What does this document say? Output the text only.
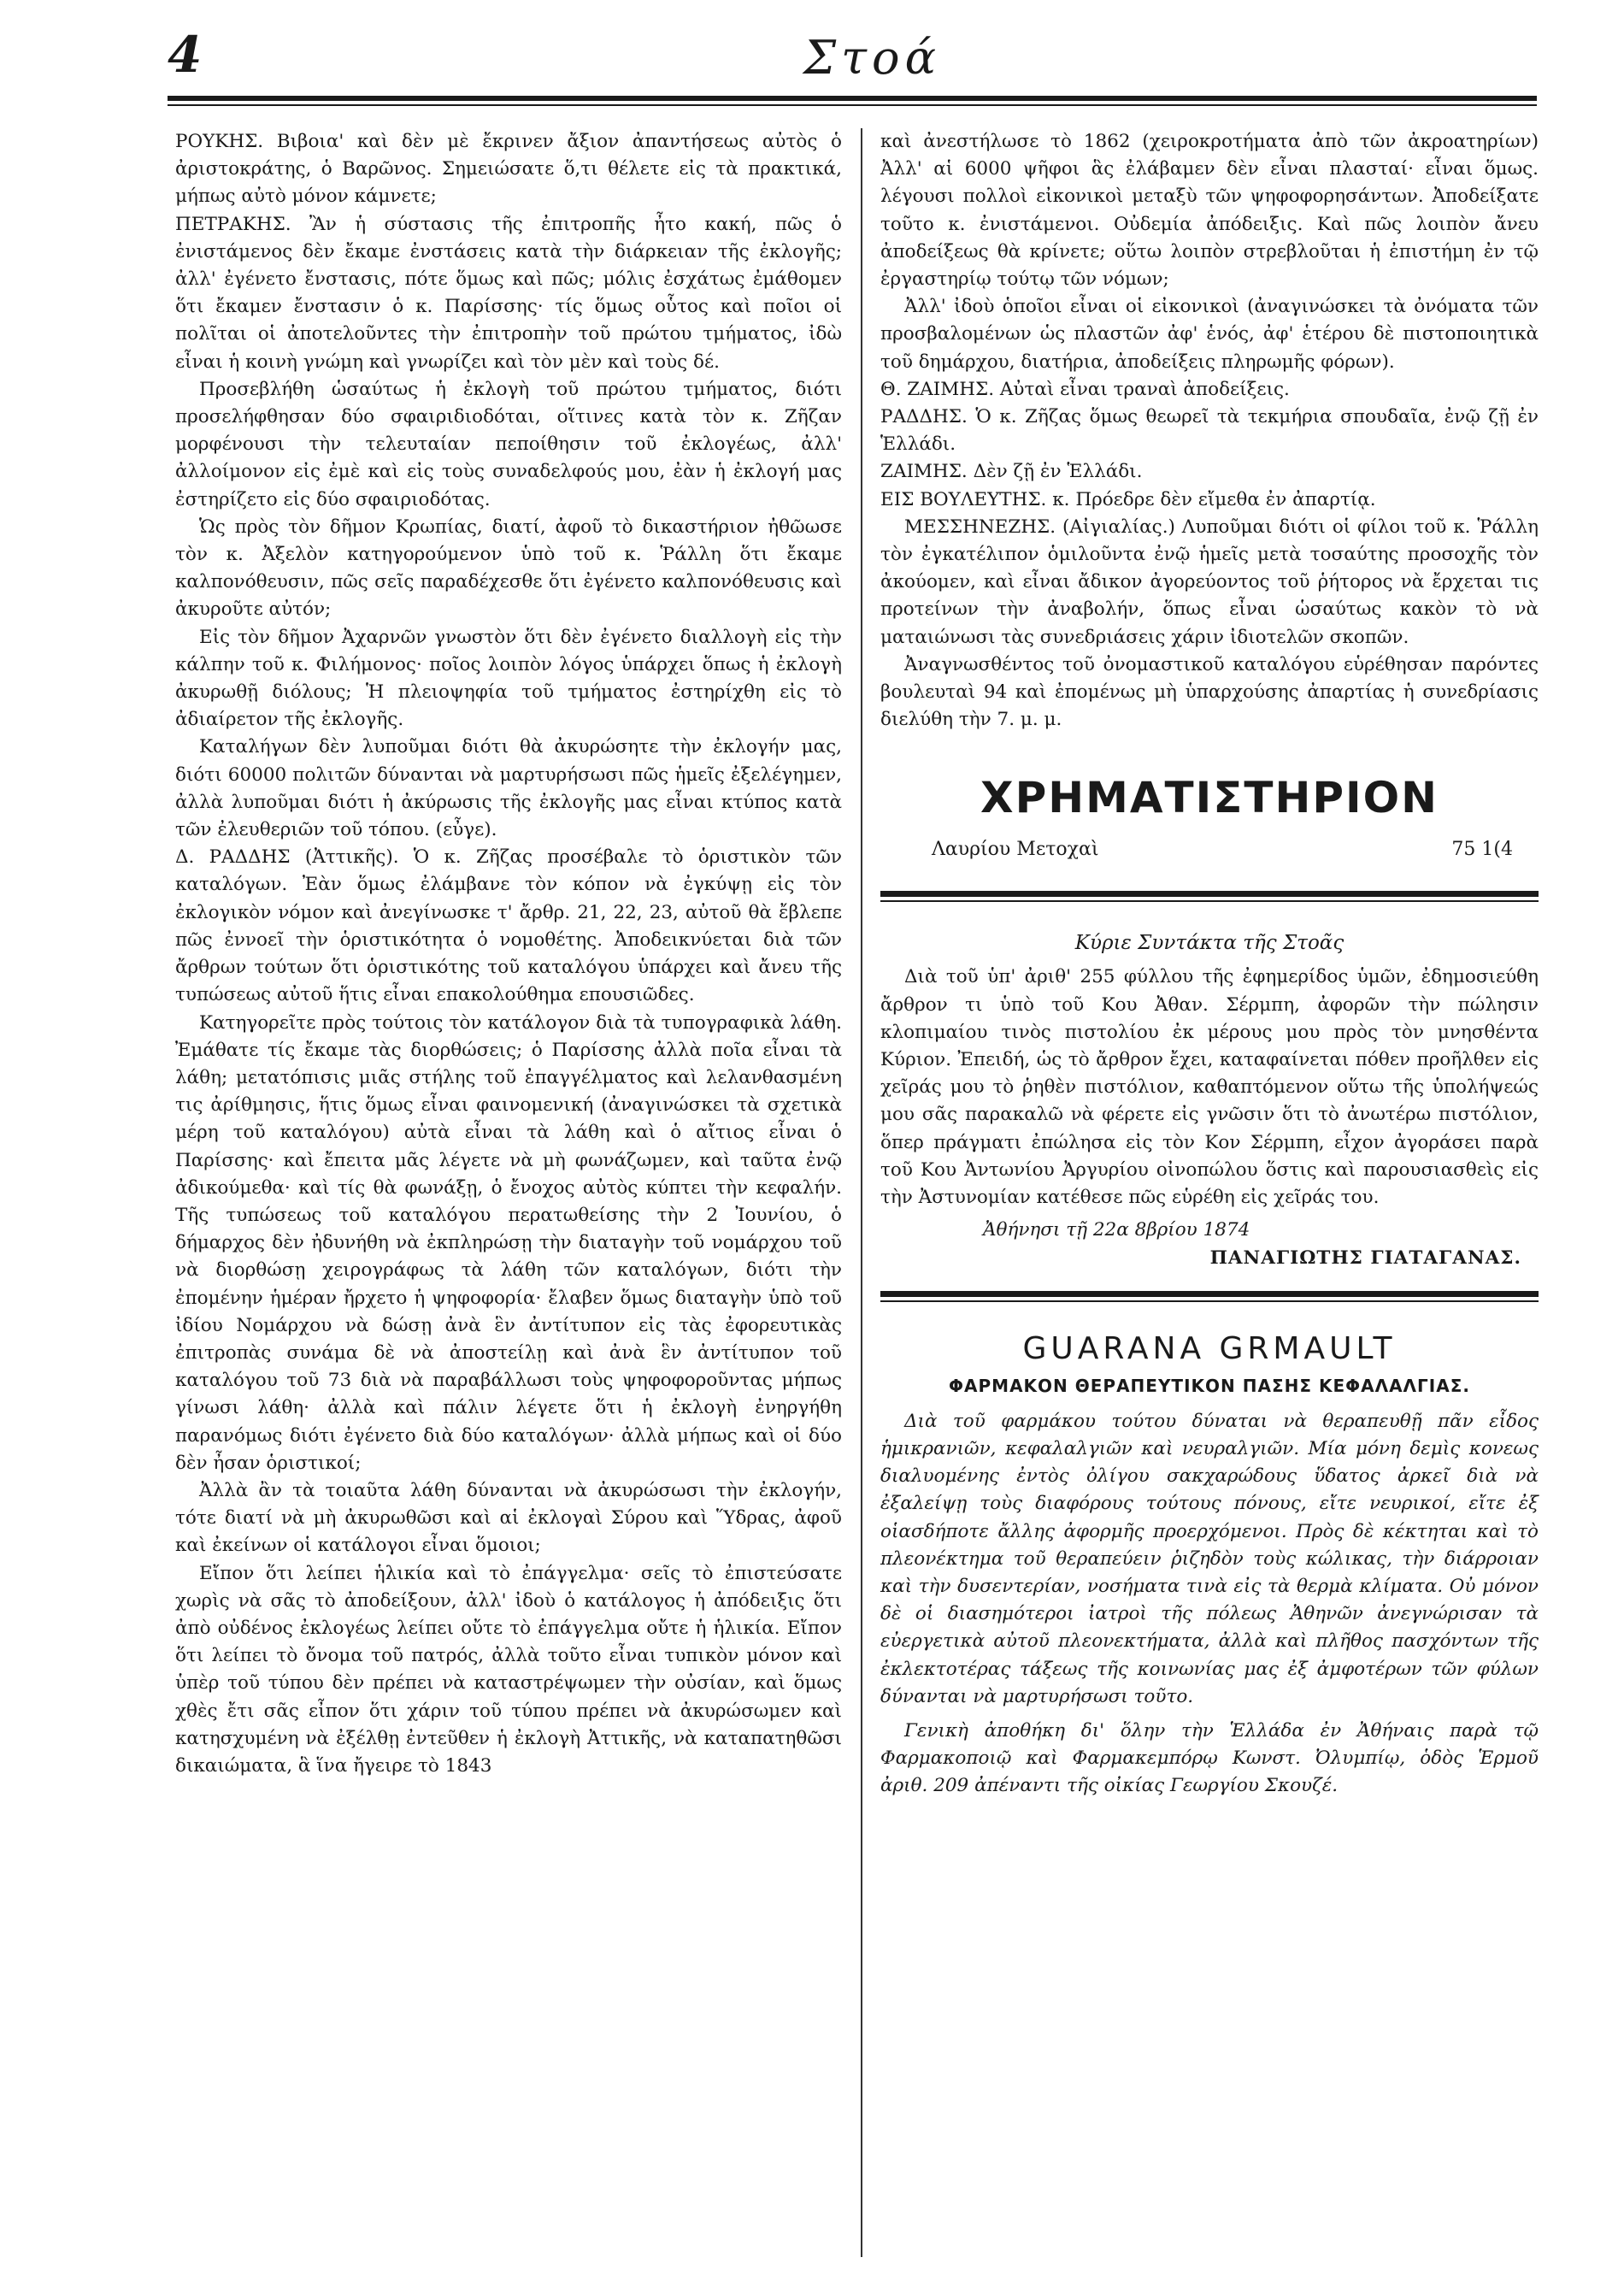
4	Στοά

ΡΟΥΚΗΣ. Βιβοια' καὶ δὲν μὲ ἔκρινεν ἄξιον ἀπαντήσεως αὐτὸς ὁ ἀριστοκράτης, ὁ Βαρῶνος. Σημειώσατε ὅ,τι θέλετε εἰς τὰ πρακτικά, μήπως αὐτὸ μόνον κάμνετε;

ΠΕΤΡΑΚΗΣ. Ἂν ἡ σύστασις τῆς ἐπιτροπῆς ἦτο κακή, πῶς ὁ ἐνιστάμενος δὲν ἔκαμε ἐνστάσεις κατὰ τὴν διάρκειαν τῆς ἐκλογῆς; ἀλλ' ἐγένετο ἔνστασις, πότε ὅμως καὶ πῶς; μόλις ἐσχάτως ἐμάθομεν ὅτι ἔκαμεν ἔνστασιν ὁ κ. Παρίσσης· τίς ὅμως οὗτος καὶ ποῖοι οἱ πολῖται οἱ ἀποτελοῦντες τὴν ἐπιτροπὴν τοῦ πρώτου τμήματος, ἰδὼ εἶναι ἡ κοινὴ γνώμη καὶ γνωρίζει καὶ τὸν μὲν καὶ τοὺς δέ.

Προσεβλήθη ὡσαύτως ἡ ἐκλογὴ τοῦ πρώτου τμήματος, διότι προσελήφθησαν δύο σφαιριδιοδόται, οἵτινες κατὰ τὸν κ. Ζῆζαν μορφένουσι τὴν τελευταίαν πεποίθησιν τοῦ ἐκλογέως, ἀλλ' ἀλλοίμονον εἰς ἐμὲ καὶ εἰς τοὺς συναδελφούς μου, ἐὰν ἡ ἐκλογή μας ἐστηρίζετο εἰς δύο σφαιριοδότας.

Ὡς πρὸς τὸν δῆμον Κρωπίας, διατί, ἀφοῦ τὸ δικαστήριον ἠθῶωσε τὸν κ. Ἀξελὸν κατηγορούμενον ὑπὸ τοῦ κ. Ῥάλλη ὅτι ἔκαμε καλπονόθευσιν, πῶς σεῖς παραδέχεσθε ὅτι ἐγένετο καλπονόθευσις καὶ ἀκυροῦτε αὐτόν;

Εἰς τὸν δῆμον Ἀχαρνῶν γνωστὸν ὅτι δὲν ἐγένετο διαλλογὴ εἰς τὴν κάλπην τοῦ κ. Φιλήμονος· ποῖος λοιπὸν λόγος ὑπάρχει ὅπως ἡ ἐκλογὴ ἀκυρωθῇ διόλους; Ἡ πλειοψηφία τοῦ τμήματος ἐστηρίχθη εἰς τὸ ἀδιαίρετον τῆς ἐκλογῆς.

Καταλήγων δὲν λυποῦμαι διότι θὰ ἀκυρώσητε τὴν ἐκλογήν μας, διότι 60000 πολιτῶν δύνανται νὰ μαρτυρήσωσι πῶς ἡμεῖς ἐξελέγημεν, ἀλλὰ λυποῦμαι διότι ἡ ἀκύρωσις τῆς ἐκλογῆς μας εἶναι κτύπος κατὰ τῶν ἐλευθεριῶν τοῦ τόπου. (εὖγε).

Δ. ΡΑΔΔΗΣ (Ἀττικῆς). Ὁ κ. Ζῆζας προσέβαλε τὸ ὁριστικὸν τῶν καταλόγων. Ἐὰν ὅμως ἐλάμβανε τὸν κόπον νὰ ἐγκύψῃ εἰς τὸν ἐκλογικὸν νόμον καὶ ἀνεγίνωσκε τ' ἄρθρ. 21, 22, 23, αὐτοῦ θὰ ἔβλεπε πῶς ἐννοεῖ τὴν ὁριστικότητα ὁ νομοθέτης. Ἀποδεικνύεται διὰ τῶν ἄρθρων τούτων ὅτι ὁριστικότης τοῦ καταλόγου ὑπάρχει καὶ ἄνευ τῆς τυπώσεως αὐτοῦ ἥτις εἶναι επακολούθημα επουσιῶδες.

Κατηγορεῖτε πρὸς τούτοις τὸν κατάλογον διὰ τὰ τυπογραφικὰ λάθη. Ἐμάθατε τίς ἔκαμε τὰς διορθώσεις; ὁ Παρίσσης ἀλλὰ ποῖα εἶναι τὰ λάθη; μετατόπισις μιᾶς στήλης τοῦ ἐπαγγέλματος καὶ λελανθασμένη τις ἀρίθμησις, ἥτις ὅμως εἶναι φαινομενική (ἀναγινώσκει τὰ σχετικὰ μέρη τοῦ καταλόγου) αὐτὰ εἶναι τὰ λάθη καὶ ὁ αἴτιος εἶναι ὁ Παρίσσης· καὶ ἔπειτα μᾶς λέγετε νὰ μὴ φωνάζωμεν, καὶ ταῦτα ἐνῷ ἀδικούμεθα· καὶ τίς θὰ φωνάξῃ, ὁ ἔνοχος αὐτὸς κύπτει τὴν κεφαλήν. Τῆς τυπώσεως τοῦ καταλόγου περατωθείσης τὴν 2 Ἰουνίου, ὁ δήμαρχος δὲν ἠδυνήθη νὰ ἐκπληρώσῃ τὴν διαταγὴν τοῦ νομάρχου τοῦ νὰ διορθώσῃ χειρογράφως τὰ λάθη τῶν καταλόγων, διότι τὴν ἐπομένην ἡμέραν ἤρχετο ἡ ψηφοφορία· ἔλαβεν ὅμως διαταγὴν ὑπὸ τοῦ ἰδίου Νομάρχου νὰ δώσῃ ἀνὰ ἓν ἀντίτυπον εἰς τὰς ἐφορευτικὰς ἐπιτροπὰς συνάμα δὲ νὰ ἀποστείλῃ καὶ ἀνὰ ἓν ἀντίτυπον τοῦ καταλόγου τοῦ 73 διὰ νὰ παραβάλλωσι τοὺς ψηφοφοροῦντας μήπως γίνωσι λάθη· ἀλλὰ καὶ πάλιν λέγετε ὅτι ἡ ἐκλογὴ ἐνηργήθη παρανόμως διότι ἐγένετο διὰ δύο καταλόγων· ἀλλὰ μήπως καὶ οἱ δύο δὲν ἦσαν ὁριστικοί;

Ἀλλὰ ἂν τὰ τοιαῦτα λάθη δύνανται νὰ ἀκυρώσωσι τὴν ἐκλογήν, τότε διατί νὰ μὴ ἀκυρωθῶσι καὶ αἱ ἐκλογαὶ Σύρου καὶ Ὕδρας, ἀφοῦ καὶ ἐκείνων οἱ κατάλογοι εἶναι ὅμοιοι;

Εἴπον ὅτι λείπει ἡλικία καὶ τὸ ἐπάγγελμα· σεῖς τὸ ἐπιστεύσατε χωρὶς νὰ σᾶς τὸ ἀποδείξουν, ἀλλ' ἰδοὺ ὁ κατάλογος ἡ ἀπόδειξις ὅτι ἀπὸ οὐδένος ἐκλογέως λείπει οὔτε τὸ ἐπάγγελμα οὔτε ἡ ἡλικία. Εἴπον ὅτι λείπει τὸ ὄνομα τοῦ πατρός, ἀλλὰ τοῦτο εἶναι τυπικὸν μόνον καὶ ὑπὲρ τοῦ τύπου δὲν πρέπει νὰ καταστρέψωμεν τὴν οὐσίαν, καὶ ὅμως χθὲς ἔτι σᾶς εἶπον ὅτι χάριν τοῦ τύπου πρέπει νὰ ἀκυρώσωμεν καὶ κατησχυμένη νὰ ἐξέλθῃ ἐντεῦθεν ἡ ἐκλογὴ Ἀττικῆς, νὰ καταπατηθῶσι δικαιώματα, ἃ ἵνα ἤγειρε τὸ 1843

καὶ ἀνεστήλωσε τὸ 1862 (χειροκροτήματα ἀπὸ τῶν ἀκροατηρίων) Ἀλλ' αἱ 6000 ψῆφοι ἃς ἐλάβαμεν δὲν εἶναι πλασταί· εἶναι ὅμως. λέγουσι πολλοὶ εἰκονικοὶ μεταξὺ τῶν ψηφοφορησάντων. Ἀποδείξατε τοῦτο κ. ἐνιστάμενοι. Οὐδεμία ἀπόδειξις. Καὶ πῶς λοιπὸν ἄνευ ἀποδείξεως θὰ κρίνετε; οὕτω λοιπὸν στρεβλοῦται ἡ ἐπιστήμη ἐν τῷ ἐργαστηρίῳ τούτῳ τῶν νόμων;

Ἀλλ' ἰδοὺ ὁποῖοι εἶναι οἱ εἰκονικοὶ (ἀναγινώσκει τὰ ὀνόματα τῶν προσβαλομένων ὡς πλαστῶν ἀφ' ἑνός, ἀφ' ἑτέρου δὲ πιστοποιητικὰ τοῦ δημάρχου, διατήρια, ἀποδείξεις πληρωμῆς φόρων).

Θ. ΖΑΙΜΗΣ. Αὐταὶ εἶναι τραναὶ ἀποδείξεις.

ΡΑΔΔΗΣ. Ὁ κ. Ζῆζας ὅμως θεωρεῖ τὰ τεκμήρια σπουδαῖα, ἐνῷ ζῇ ἐν Ἑλλάδι.

ΖΑΙΜΗΣ. Δὲν ζῇ ἐν Ἑλλάδι.

ΕΙΣ ΒΟΥΛΕΥΤΗΣ. κ. Πρόεδρε δὲν εἴμεθα ἐν ἀπαρτίᾳ.

ΜΕΣΣΗΝΕΖΗΣ. (Αἰγιαλίας.) Λυποῦμαι διότι οἱ φίλοι τοῦ κ. Ῥάλλη τὸν ἐγκατέλιπον ὁμιλοῦντα ἐνῷ ἡμεῖς μετὰ τοσαύτης προσοχῆς τὸν ἀκούομεν, καὶ εἶναι ἄδικον ἀγορεύοντος τοῦ ῥήτορος νὰ ἔρχεται τις προτείνων τὴν ἀναβολήν, ὅπως εἶναι ὡσαύτως κακὸν τὸ νὰ ματαιώνωσι τὰς συνεδριάσεις χάριν ἰδιοτελῶν σκοπῶν.

Ἀναγνωσθέντος τοῦ ὀνομαστικοῦ καταλόγου εὑρέθησαν παρόντες βουλευταὶ 94 καὶ ἐπομένως μὴ ὑπαρχούσης ἀπαρτίας ἡ συνεδρίασις διελύθη τὴν 7. μ. μ.

ΧΡΗΜΑΤΙΣΤΗΡΙΟΝ
Λαυρίου Μετοχαὶ	75 1(4
Κύριε Συντάκτα τῆς Στοᾶς

Διὰ τοῦ ὑπ' ἀριθ' 255 φύλλου τῆς ἐφημερίδος ὑμῶν, ἐδημοσιεύθη ἄρθρον τι ὑπὸ τοῦ Κου Ἀθαν. Σέρμπη, ἀφορῶν τὴν πώλησιν κλοπιμαίου τινὸς πιστολίου ἐκ μέρους μου πρὸς τὸν μνησθέντα Κύριον. Ἐπειδή, ὡς τὸ ἄρθρον ἔχει, καταφαίνεται πόθεν προῆλθεν εἰς χεῖράς μου τὸ ῥηθὲν πιστόλιον, καθαπτόμενον οὕτω τῆς ὑπολήψεώς μου σᾶς παρακαλῶ νὰ φέρετε εἰς γνῶσιν ὅτι τὸ ἀνωτέρω πιστόλιον, ὅπερ πράγματι ἐπώλησα εἰς τὸν Κον Σέρμπη, εἶχον ἀγοράσει παρὰ τοῦ Κου Ἀντωνίου Ἀργυρίου οἰνοπώλου ὅστις καὶ παρουσιασθεὶς εἰς τὴν Ἀστυνομίαν κατέθεσε πῶς εὑρέθη εἰς χεῖράς του.

Ἀθήνησι τῇ 22α 8βρίου 1874
ΠΑΝΑΓΙΩΤΗΣ ΓΙΑΤΑΓΑΝΑΣ.
GUARANA GRMAULT
ΦΑΡΜΑΚΟΝ ΘΕΡΑΠΕΥΤΙΚΟΝ ΠΑΣΗΣ ΚΕΦΑΛΑΛΓΙΑΣ.

Διὰ τοῦ φαρμάκου τούτου δύναται νὰ θεραπευθῇ πᾶν εἶδος ἡμικρανιῶν, κεφαλαλγιῶν καὶ νευραλγιῶν. Μία μόνη δεμὶς κονεως διαλυομένης ἐντὸς ὀλίγου σακχαρώδους ὕδατος ἀρκεῖ διὰ νὰ ἐξαλείψῃ τοὺς διαφόρους τούτους πόνους, εἴτε νευρικοί, εἴτε ἐξ οἱασδήποτε ἄλλης ἀφορμῆς προερχόμενοι. Πρὸς δὲ κέκτηται καὶ τὸ πλεονέκτημα τοῦ θεραπεύειν ῥιζηδὸν τοὺς κώλικας, τὴν διάρροιαν καὶ τὴν δυσεντερίαν, νοσήματα τινὰ εἰς τὰ θερμὰ κλίματα. Οὐ μόνον δὲ οἱ διασημότεροι ἰατροὶ τῆς πόλεως Ἀθηνῶν ἀνεγνώρισαν τὰ εὐεργετικὰ αὐτοῦ πλεονεκτήματα, ἀλλὰ καὶ πλῆθος πασχόντων τῆς ἐκλεκτοτέρας τάξεως τῆς κοινωνίας μας ἐξ ἀμφοτέρων τῶν φύλων δύνανται νὰ μαρτυρήσωσι τοῦτο.

Γενικὴ ἀποθήκη δι' ὅλην τὴν Ἑλλάδα ἐν Ἀθήναις παρὰ τῷ Φαρμακοποιῷ καὶ Φαρμακεμπόρῳ Κωνστ. Ὀλυμπίῳ, ὁδὸς Ἑρμοῦ ἀριθ. 209 ἀπέναντι τῆς οἰκίας Γεωργίου Σκουζέ.
